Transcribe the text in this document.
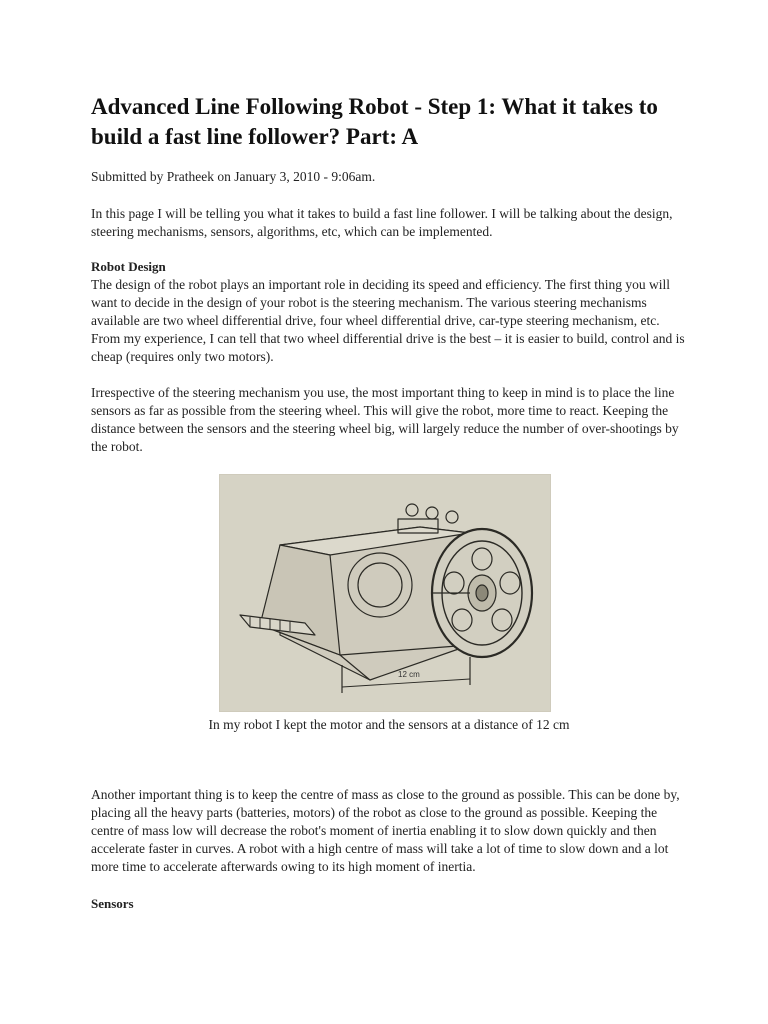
Advanced Line Following Robot - Step 1: What it takes to build a fast line follower? Part: A

Submitted by Pratheek on January 3, 2010 - 9:06am.

In this page I will be telling you what it takes to build a fast line follower. I will be talking about the design, steering mechanisms, sensors, algorithms, etc, which can be implemented.

Robot Design

The design of the robot plays an important role in deciding its speed and efficiency. The first thing you will want to decide in the design of your robot is the steering mechanism. The various steering mechanisms available are two wheel differential drive, four wheel differential drive, car-type steering mechanism, etc. From my experience, I can tell that two wheel differential drive is the best – it is easier to build, control and is cheap (requires only two motors).

Irrespective of the steering mechanism you use, the most important thing to keep in mind is to place the line sensors as far as possible from the steering wheel. This will give the robot, more time to react. Keeping the distance between the sensors and the steering wheel big, will largely reduce the number of over-shootings by the robot.

12 cm

In my robot I kept the motor and the sensors at a distance of 12 cm

Another important thing is to keep the centre of mass as close to the ground as possible. This can be done by, placing all the heavy parts (batteries, motors) of the robot as close to the ground as possible. Keeping the centre of mass low will decrease the robot's moment of inertia enabling it to slow down quickly and then accelerate faster in curves. A robot with a high centre of mass will take a lot of time to slow down and a lot more time to accelerate afterwards owing to its high moment of inertia.

Sensors
